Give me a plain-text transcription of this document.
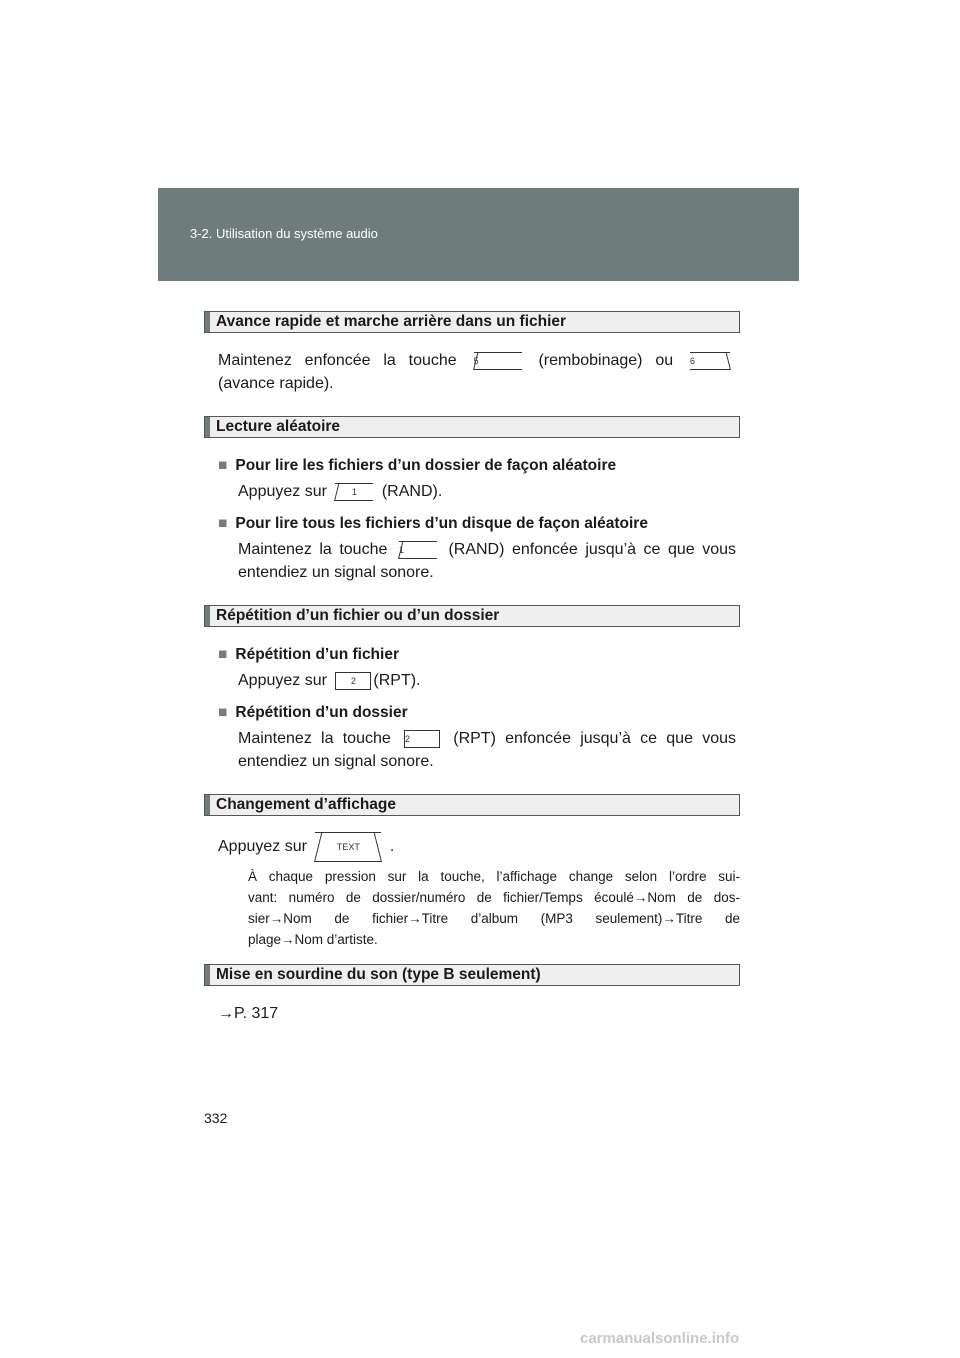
3-2. Utilisation du système audio
Avance rapide et marche arrière dans un fichier
Maintenez enfoncée la touche 5	(rembobinage) ou 6
(avance rapide).
Lecture aléatoire
■ Pour lire les fichiers d’un dossier de façon aléatoire
Appuyez sur	1 (RAND).
■ Pour lire tous les fichiers d’un disque de façon aléatoire
Maintenez la touche 1	(RAND) enfoncée jusqu’à ce que vous
entendiez un signal sonore.
Répétition d’un fichier ou d’un dossier
■ Répétition d’un fichier
Appuyez sur	2 (RPT).
■ Répétition d’un dossier
Maintenez la touche 2	(RPT) enfoncée jusqu’à ce que vous
entendiez un signal sonore.
Changement d’affichage
Appuyez sur	TEXT .
À chaque pression sur la touche, l’affichage change selon l’ordre sui-
vant: numéro de dossier/numéro de fichier/Temps écoulé→Nom de dos-
sier→Nom de fichier→Titre d’album (MP3 seulement)→Titre de
plage→Nom d’artiste.
Mise en sourdine du son (type B seulement)
→P. 317
332
carmanualsonline.info
